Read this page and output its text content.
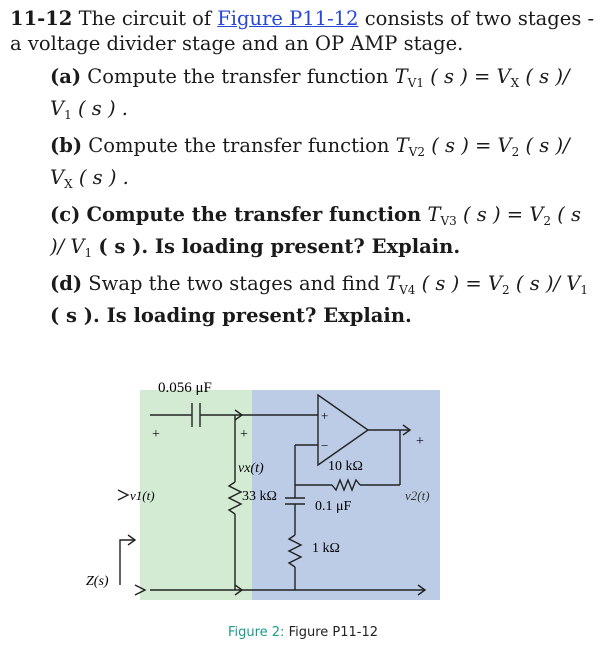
11-12 The circuit of Figure P11-12 consists of two stages - a voltage divider stage and an OP AMP stage.
(a) Compute the transfer function $T_{V1}$ ( s ) = $V_X$ ( s )/ $V_1$ ( s ) .
(b) Compute the transfer function $T_{V2}$ ( s ) = $V_2$ ( s )/ $V_X$ ( s ) .
(c) Compute the transfer function $T_{V3}$ ( s ) = $V_2$ ( s )/ $V_1$ ( s ). Is loading present? Explain.
(d) Swap the two stages and find $T_{V4}$ ( s ) = $V_2$ ( s )/ $V_1$ ( s ). Is loading present? Explain.
0.056 μF
vx(t)
33 kΩ
10 kΩ
0.1 μF
1 kΩ
v1(t)	v2(t)
Z(s)
+	+
+
−	+
Figure 2: Figure P11-12
